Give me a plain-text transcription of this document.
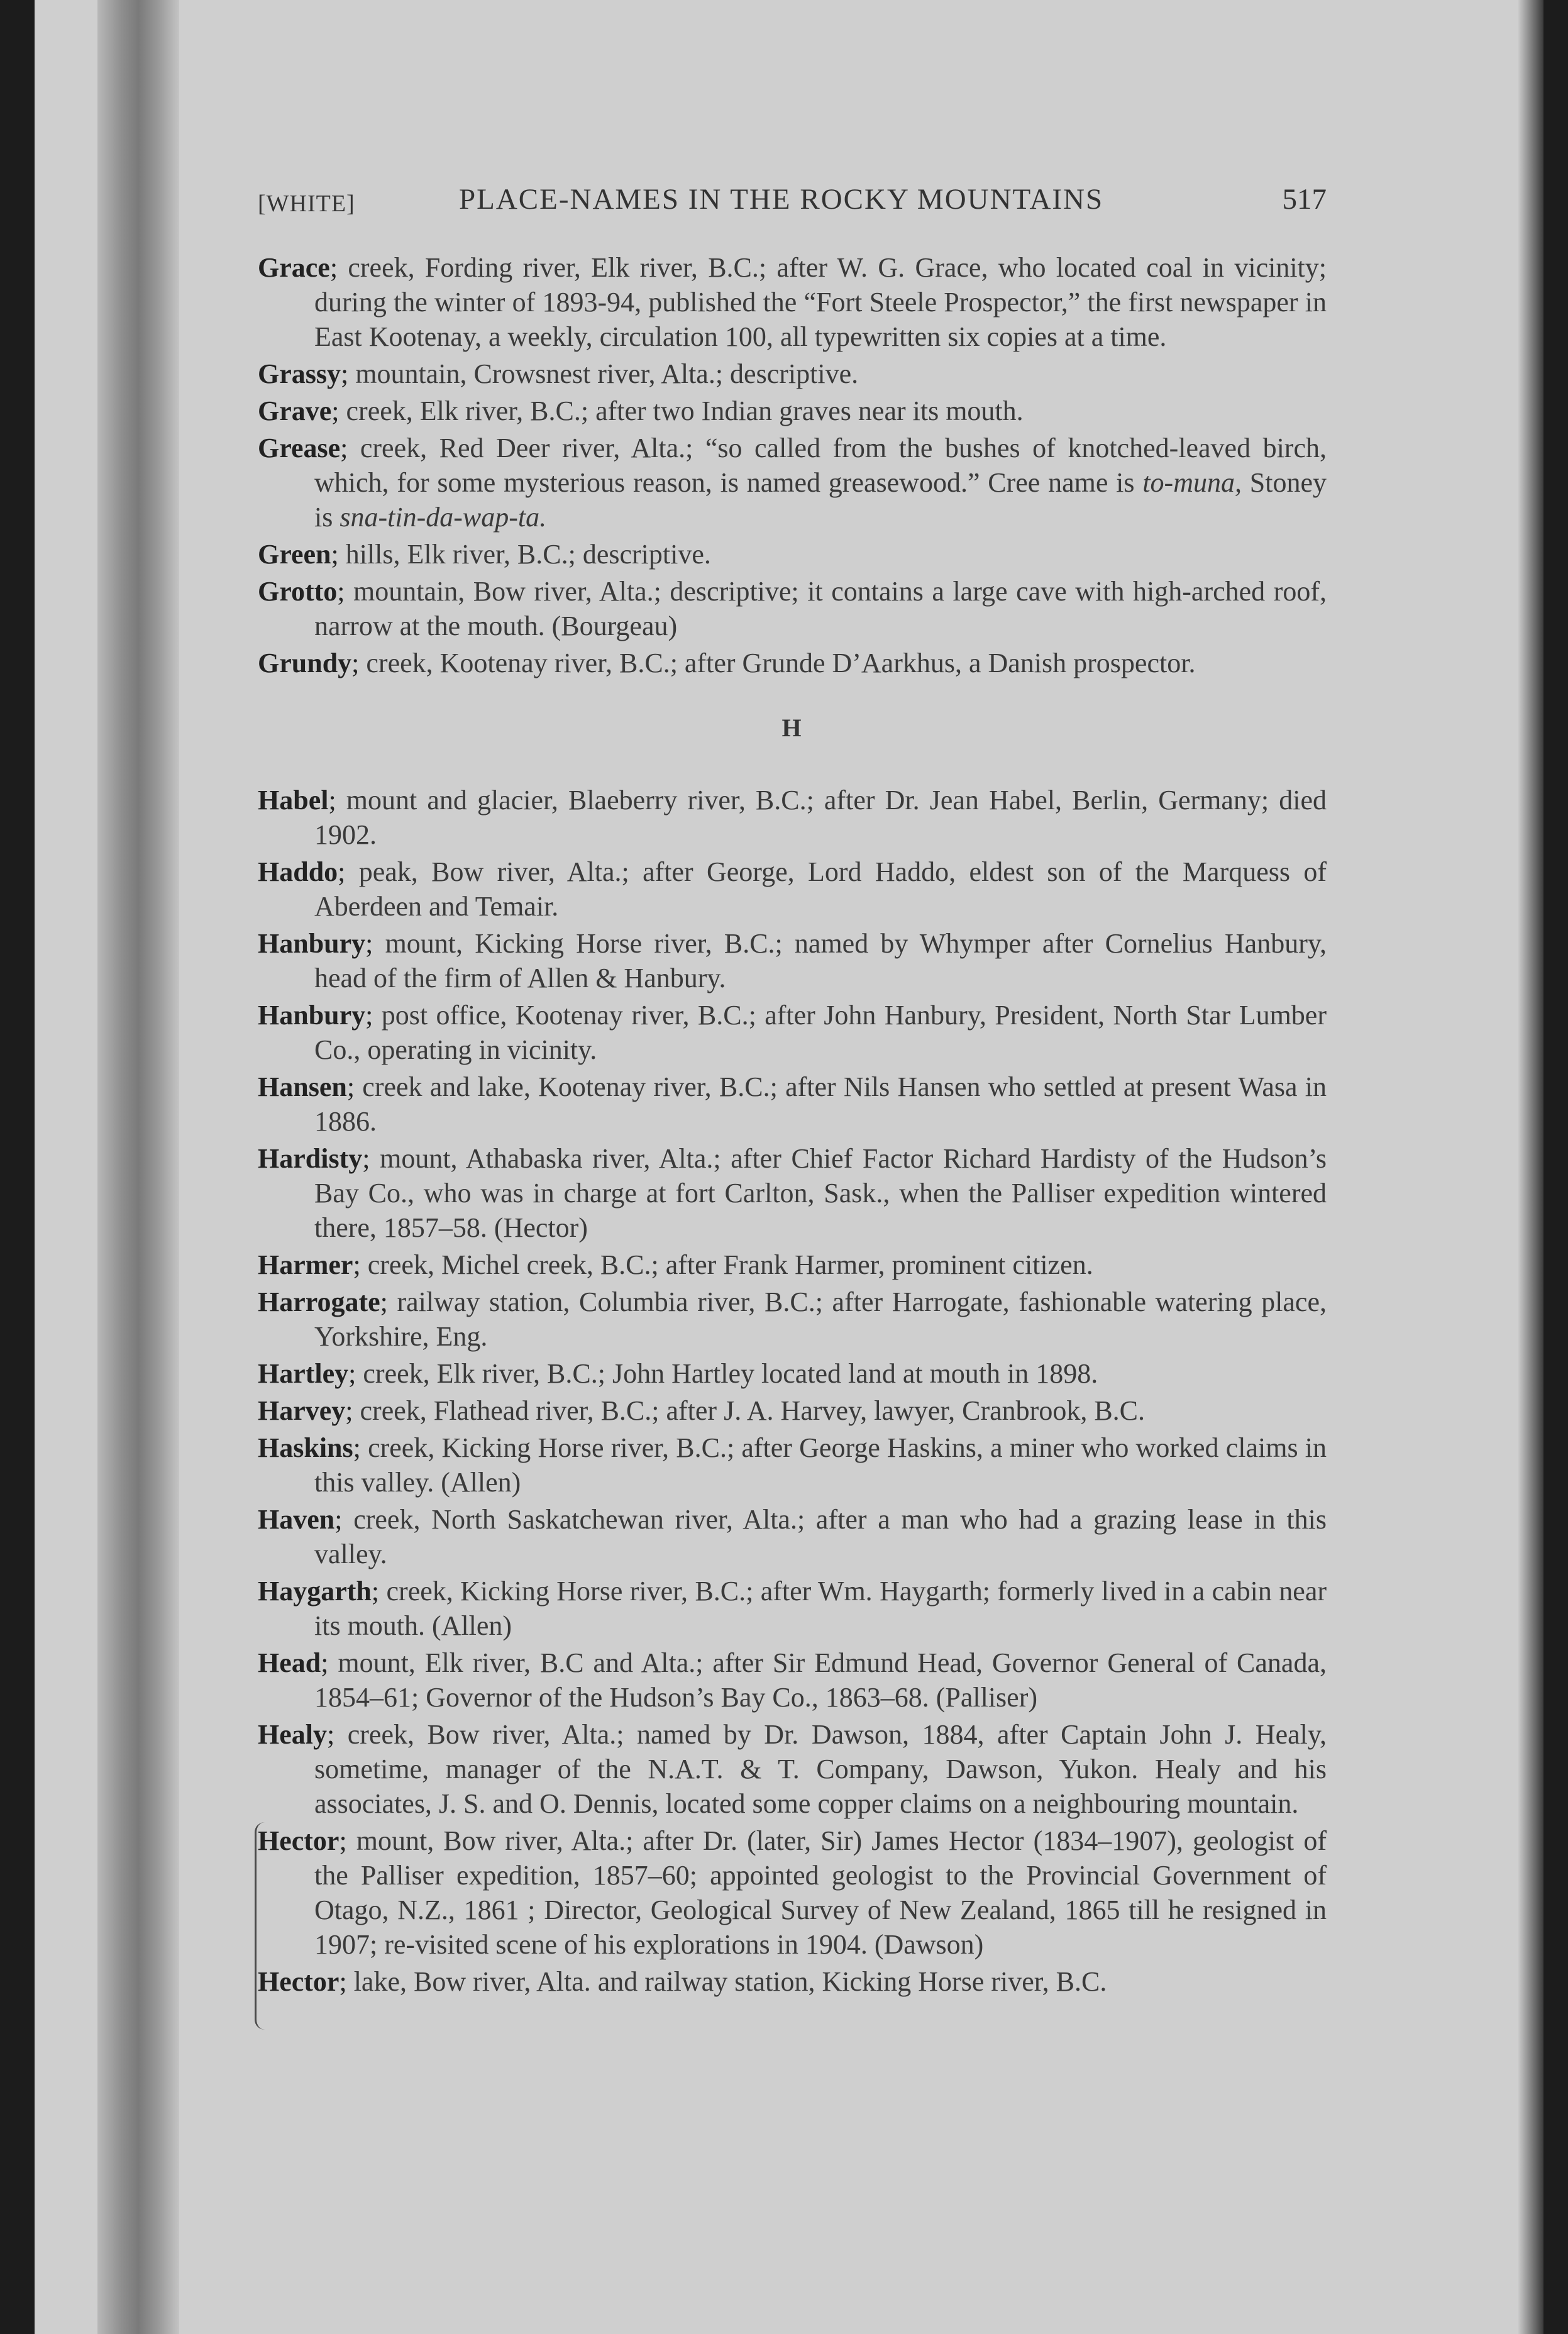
[WHITE]	PLACE-NAMES IN THE ROCKY MOUNTAINS	517

Grace; creek, Fording river, Elk river, B.C.; after W. G. Grace, who located coal in vicinity; during the winter of 1893-94, published the “Fort Steele Prospector,” the first newspaper in East Kootenay, a weekly, circulation 100, all typewritten six copies at a time.

Grassy; mountain, Crowsnest river, Alta.; descriptive.

Grave; creek, Elk river, B.C.; after two Indian graves near its mouth.

Grease; creek, Red Deer river, Alta.; “so called from the bushes of knotched-leaved birch, which, for some mysterious reason, is named greasewood.” Cree name is to-muna, Stoney is sna-tin-da-wap-ta.

Green; hills, Elk river, B.C.; descriptive.

Grotto; mountain, Bow river, Alta.; descriptive; it contains a large cave with high-arched roof, narrow at the mouth. (Bourgeau)

Grundy; creek, Kootenay river, B.C.; after Grunde D’Aarkhus, a Danish prospector.

H

Habel; mount and glacier, Blaeberry river, B.C.; after Dr. Jean Habel, Berlin, Germany; died 1902.

Haddo; peak, Bow river, Alta.; after George, Lord Haddo, eldest son of the Marquess of Aberdeen and Temair.

Hanbury; mount, Kicking Horse river, B.C.; named by Whymper after Cornelius Hanbury, head of the firm of Allen & Hanbury.

Hanbury; post office, Kootenay river, B.C.; after John Hanbury, President, North Star Lumber Co., operating in vicinity.

Hansen; creek and lake, Kootenay river, B.C.; after Nils Hansen who settled at present Wasa in 1886.

Hardisty; mount, Athabaska river, Alta.; after Chief Factor Richard Hardisty of the Hudson’s Bay Co., who was in charge at fort Carlton, Sask., when the Palliser expedition wintered there, 1857–58. (Hector)

Harmer; creek, Michel creek, B.C.; after Frank Harmer, prominent citizen.

Harrogate; railway station, Columbia river, B.C.; after Harrogate, fashionable watering place, Yorkshire, Eng.

Hartley; creek, Elk river, B.C.; John Hartley located land at mouth in 1898.

Harvey; creek, Flathead river, B.C.; after J. A. Harvey, lawyer, Cranbrook, B.C.

Haskins; creek, Kicking Horse river, B.C.; after George Haskins, a miner who worked claims in this valley. (Allen)

Haven; creek, North Saskatchewan river, Alta.; after a man who had a grazing lease in this valley.

Haygarth; creek, Kicking Horse river, B.C.; after Wm. Haygarth; formerly lived in a cabin near its mouth. (Allen)

Head; mount, Elk river, B.C and Alta.; after Sir Edmund Head, Governor General of Canada, 1854–61; Governor of the Hudson’s Bay Co., 1863–68. (Palliser)

Healy; creek, Bow river, Alta.; named by Dr. Dawson, 1884, after Captain John J. Healy, sometime, manager of the N.A.T. & T. Company, Dawson, Yukon. Healy and his associates, J. S. and O. Dennis, located some copper claims on a neighbouring mountain.

Hector; mount, Bow river, Alta.; after Dr. (later, Sir) James Hector (1834–1907), geologist of the Palliser expedition, 1857–60; appointed geologist to the Provincial Government of Otago, N.Z., 1861 ; Director, Geological Survey of New Zealand, 1865 till he resigned in 1907; re-visited scene of his explorations in 1904. (Dawson)

Hector; lake, Bow river, Alta. and railway station, Kicking Horse river, B.C.
